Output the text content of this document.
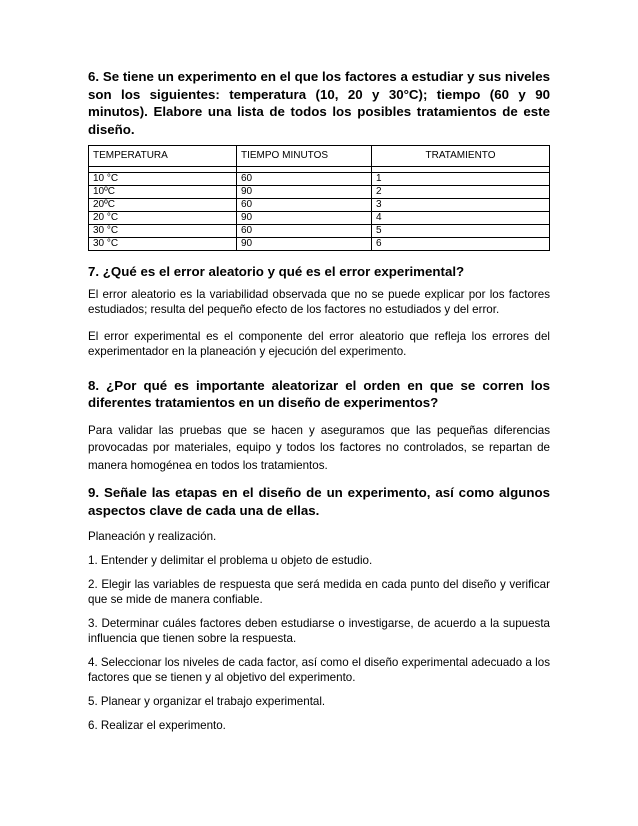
6. Se tiene un experimento en el que los factores a estudiar y sus niveles son los siguientes: temperatura (10, 20 y 30°C); tiempo (60 y 90 minutos). Elabore una lista de todos los posibles tratamientos de este diseño.

TEMPERATURA	TIEMPO MINUTOS	TRATAMIENTO

10 °C	60	1
10ºC	90	2
20ºC	60	3
20 °C	90	4
30 °C	60	5
30 °C	90	6

7. ¿Qué es el error aleatorio y qué es el error experimental?

El error aleatorio es la variabilidad observada que no se puede explicar por los factores estudiados; resulta del pequeño efecto de los factores no estudiados y del error.

El error experimental es el componente del error aleatorio que refleja los errores del experimentador en la planeación y ejecución del experimento.

8. ¿Por qué es importante aleatorizar el orden en que se corren los diferentes tratamientos en un diseño de experimentos?

Para validar las pruebas que se hacen y aseguramos que las pequeñas diferencias provocadas por materiales, equipo y todos los factores no controlados, se repartan de manera homogénea en todos los tratamientos.

9. Señale las etapas en el diseño de un experimento, así como algunos aspectos clave de cada una de ellas.

Planeación y realización.

1. Entender y delimitar el problema u objeto de estudio.

2. Elegir las variables de respuesta que será medida en cada punto del diseño y verificar que se mide de manera confiable.

3. Determinar cuáles factores deben estudiarse o investigarse, de acuerdo a la supuesta influencia que tienen sobre la respuesta.

4. Seleccionar los niveles de cada factor, así como el diseño experimental adecuado a los factores que se tienen y al objetivo del experimento.

5. Planear y organizar el trabajo experimental.

6. Realizar el experimento.
